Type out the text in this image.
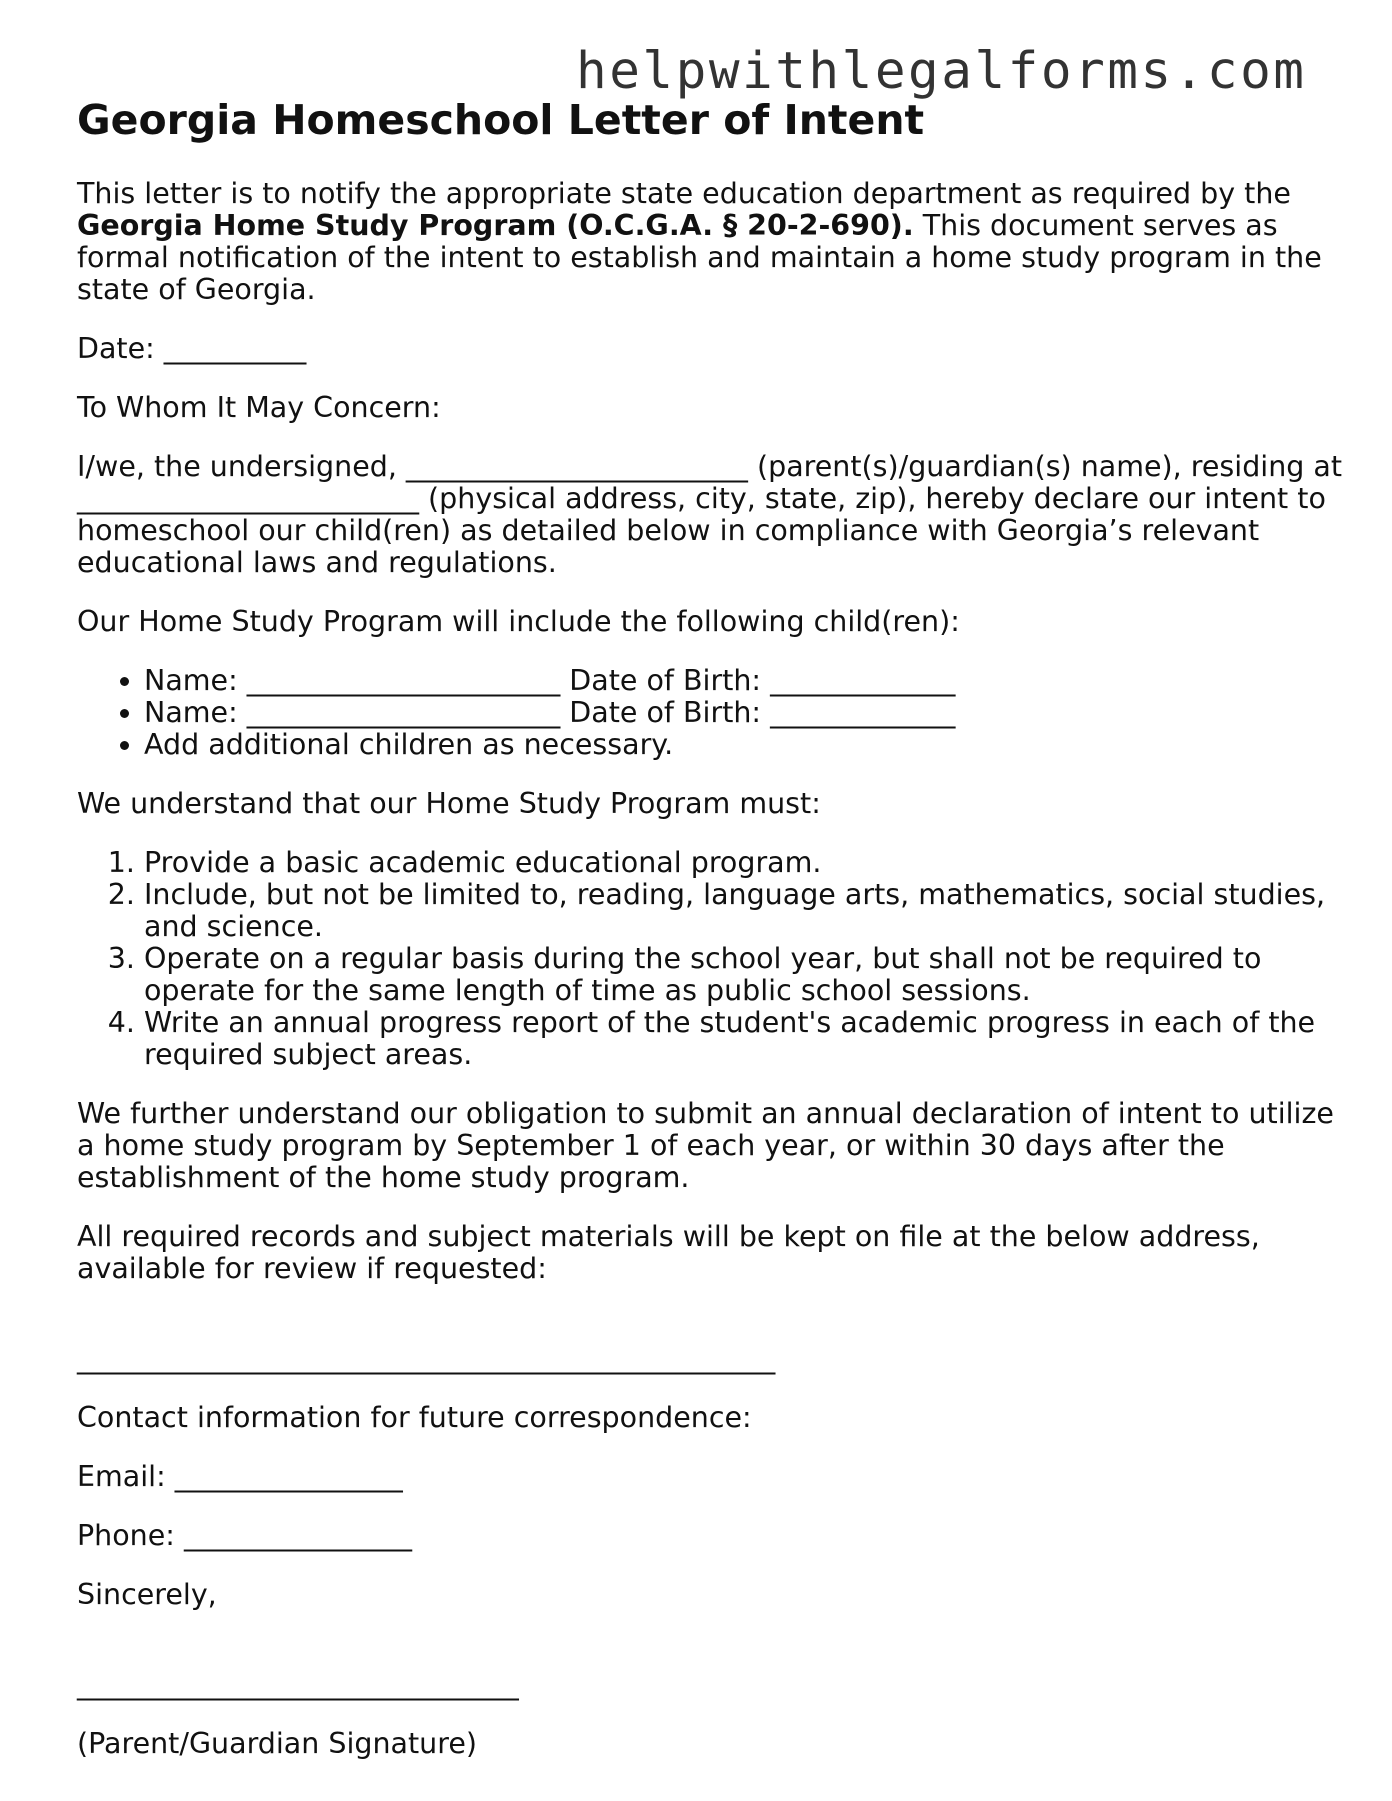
helpwithlegalforms.com
Georgia Homeschool Letter of Intent

This letter is to notify the appropriate state education department as required by the Georgia Home Study Program (O.C.G.A. § 20-2-690). This document serves as formal notification of the intent to establish and maintain a home study program in the state of Georgia.

Date: __________

To Whom It May Concern:

I/we, the undersigned, ________________________ (parent(s)/guardian(s) name), residing at ________________________ (physical address, city, state, zip), hereby declare our intent to homeschool our child(ren) as detailed below in compliance with Georgia’s relevant educational laws and regulations.

Our Home Study Program will include the following child(ren):

• Name: ______________________ Date of Birth: _____________
• Name: ______________________ Date of Birth: _____________
• Add additional children as necessary.

We understand that our Home Study Program must:

1. Provide a basic academic educational program.
2. Include, but not be limited to, reading, language arts, mathematics, social studies, and science.
3. Operate on a regular basis during the school year, but shall not be required to operate for the same length of time as public school sessions.
4. Write an annual progress report of the student's academic progress in each of the required subject areas.

We further understand our obligation to submit an annual declaration of intent to utilize a home study program by September 1 of each year, or within 30 days after the establishment of the home study program.

All required records and subject materials will be kept on file at the below address, available for review if requested:

_________________________________________________

Contact information for future correspondence:

Email: ________________

Phone: ________________

Sincerely,

_______________________________

(Parent/Guardian Signature)
